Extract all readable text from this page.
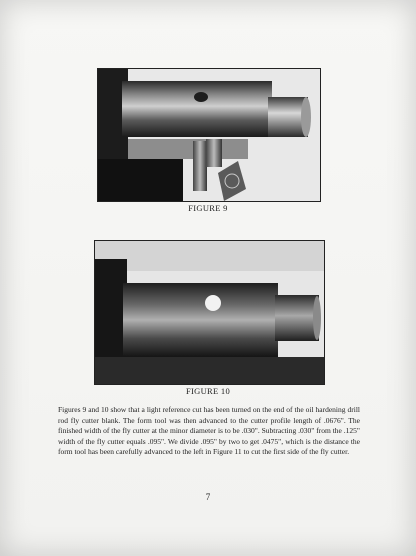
FIGURE 9
FIGURE 10

Figures 9 and 10 show that a light reference cut has been turned on the end of the oil hardening drill rod fly cutter blank. The form tool was then advanced to the cutter profile length of .0676". The finished width of the fly cutter at the minor diameter is to be .030". Subtracting .030" from the .125" width of the fly cutter equals .095". We divide .095" by two to get .0475", which is the distance the form tool has been carefully advanced to the left in Figure 11 to cut the first side of the fly cutter.

7
